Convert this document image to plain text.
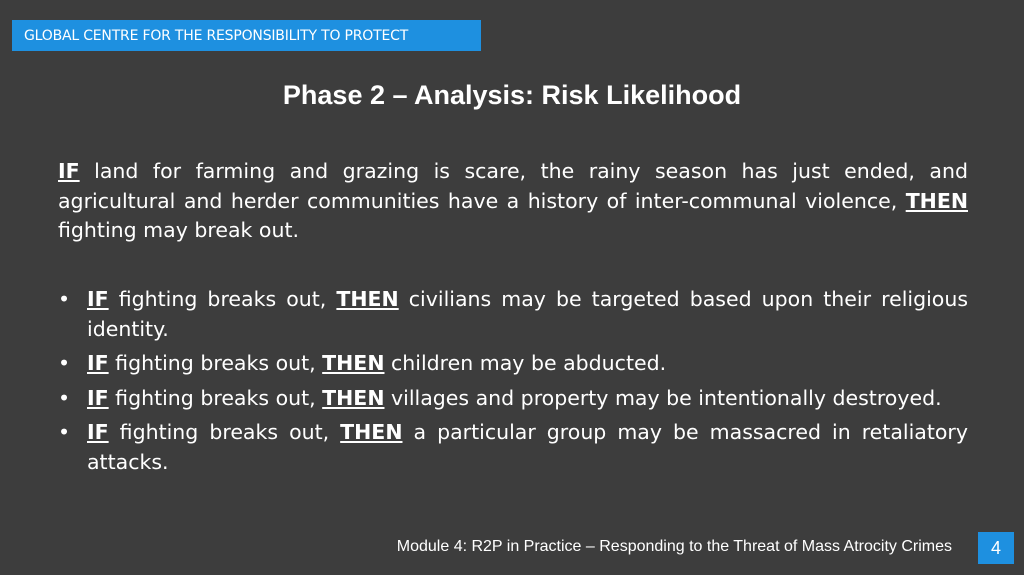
GLOBAL CENTRE FOR THE RESPONSIBILITY TO PROTECT
Phase 2 – Analysis: Risk Likelihood

IF land for farming and grazing is scare, the rainy season has just ended, and agricultural and herder communities have a history of inter-communal violence, THEN fighting may break out.

• IF fighting breaks out, THEN civilians may be targeted based upon their religious identity.
• IF fighting breaks out, THEN children may be abducted.
• IF fighting breaks out, THEN villages and property may be intentionally destroyed.
• IF fighting breaks out, THEN a particular group may be massacred in retaliatory attacks.
Module 4: R2P in Practice – Responding to the Threat of Mass Atrocity Crimes 4
